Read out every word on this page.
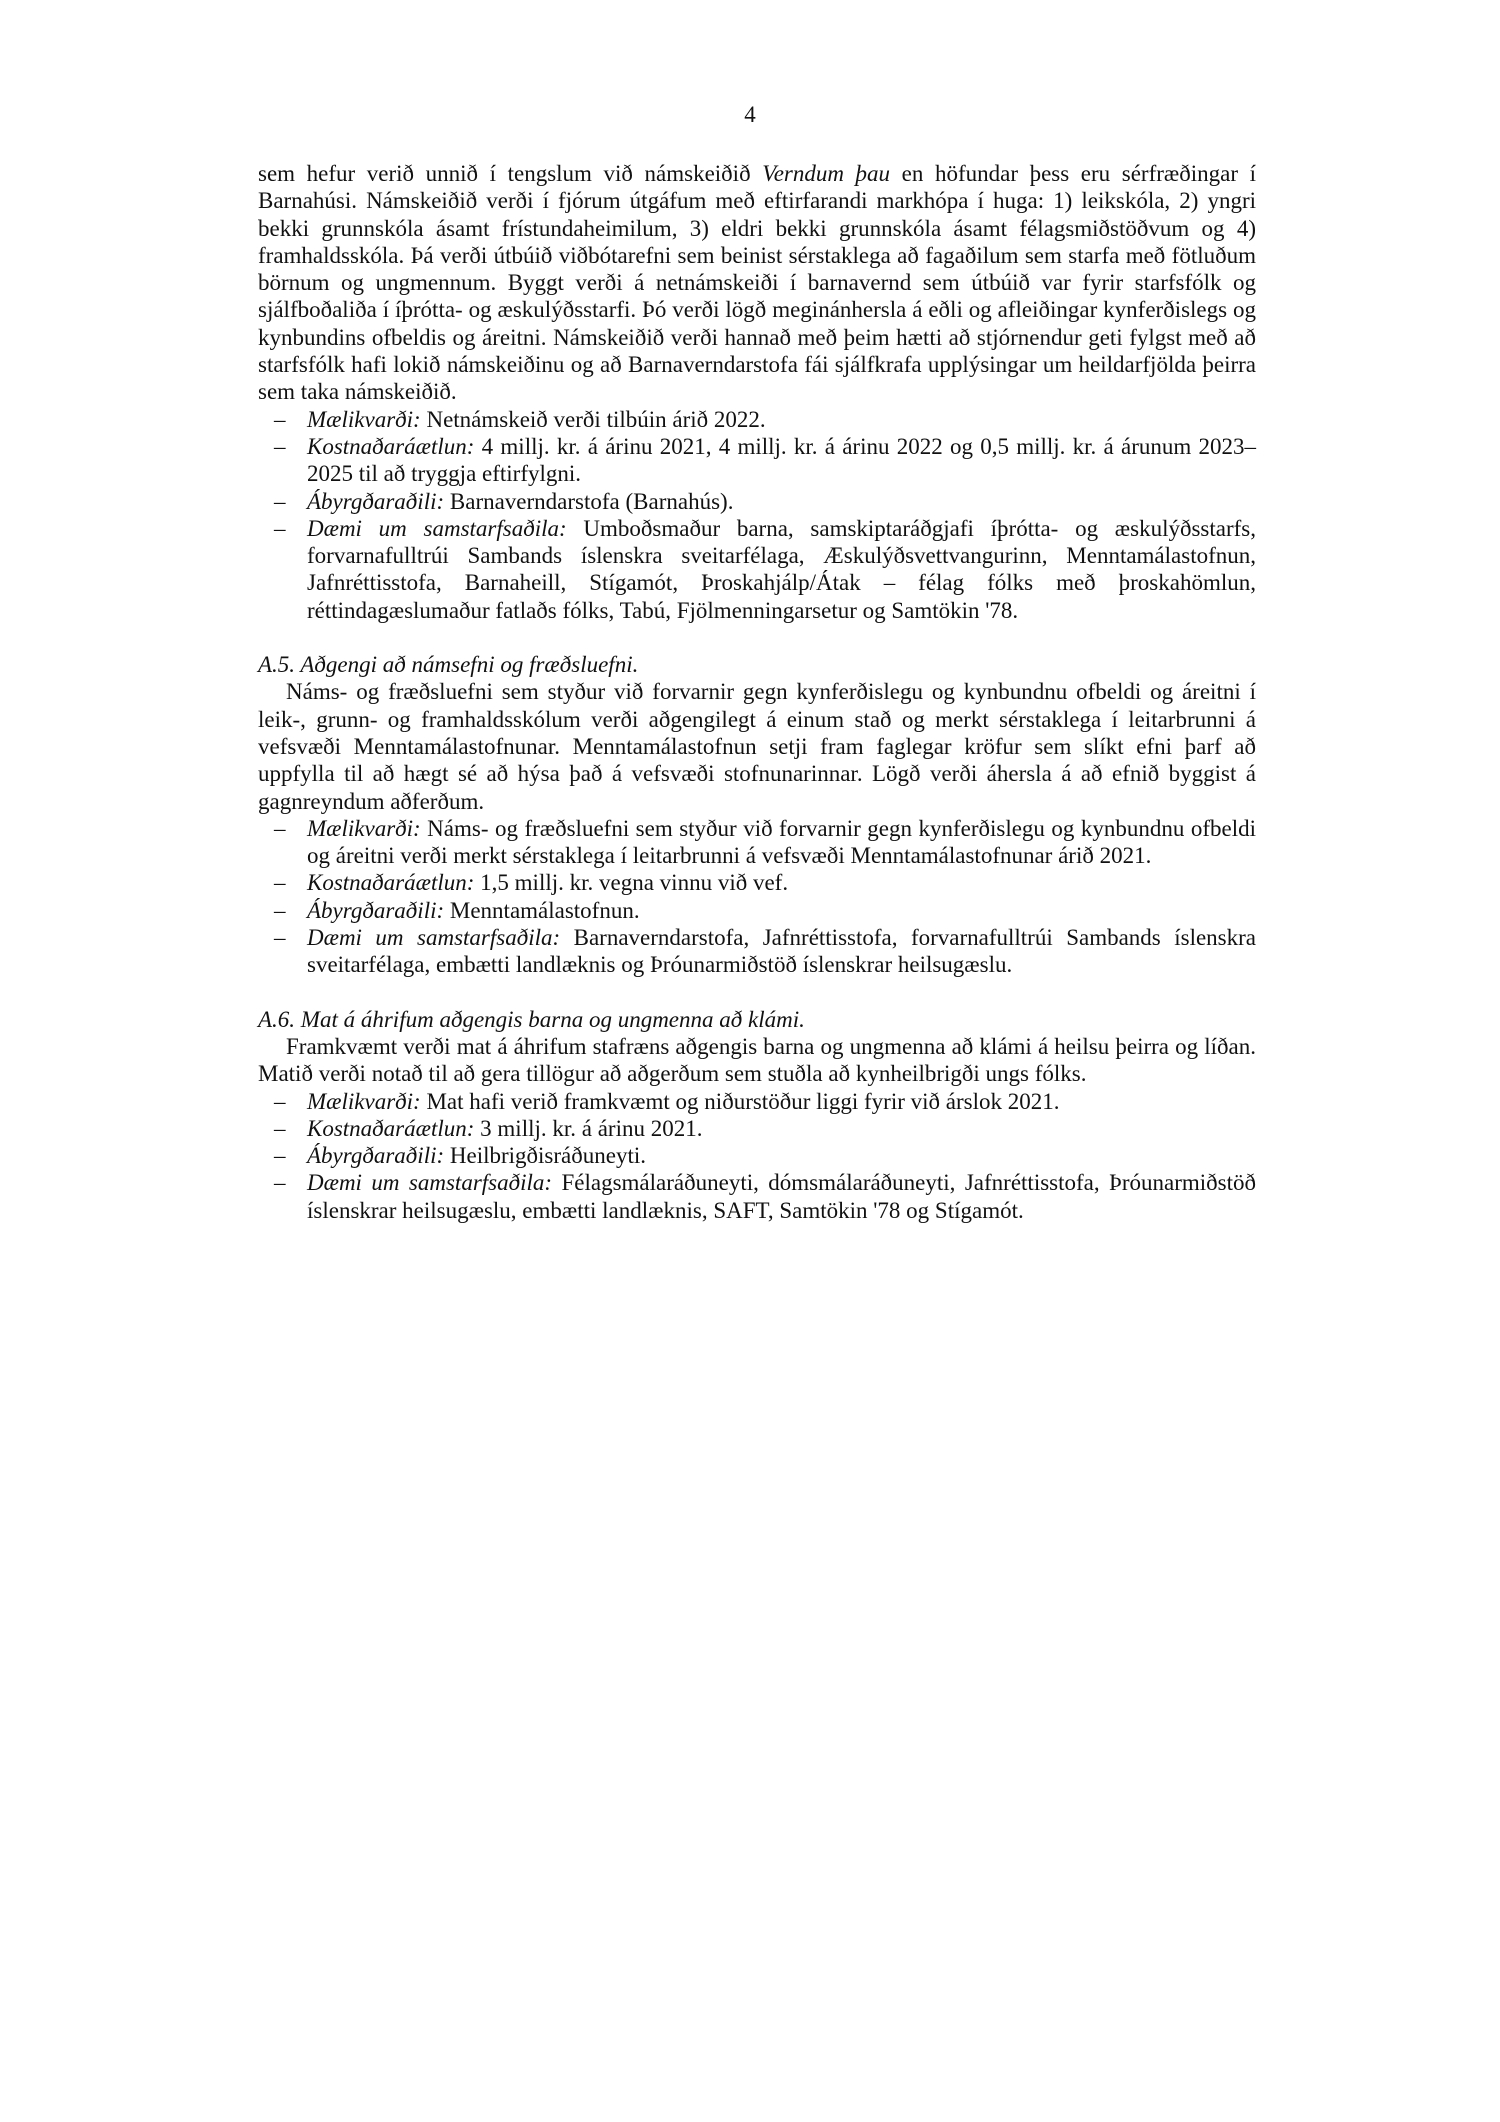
4

sem hefur verið unnið í tengslum við námskeiðið Verndum þau en höfundar þess eru sérfræðingar í Barnahúsi. Námskeiðið verði í fjórum útgáfum með eftirfarandi markhópa í huga: 1) leikskóla, 2) yngri bekki grunnskóla ásamt frístundaheimilum, 3) eldri bekki grunnskóla ásamt félagsmiðstöðvum og 4) framhaldsskóla. Þá verði útbúið viðbótarefni sem beinist sérstaklega að fagaðilum sem starfa með fötluðum börnum og ungmennum. Byggt verði á netnámskeiði í barnavernd sem útbúið var fyrir starfsfólk og sjálfboðaliða í íþrótta- og æskulýðsstarfi. Þó verði lögð meginánhersla á eðli og afleiðingar kynferðislegs og kynbundins ofbeldis og áreitni. Námskeiðið verði hannað með þeim hætti að stjórnendur geti fylgst með að starfsfólk hafi lokið námskeiðinu og að Barnaverndarstofa fái sjálfkrafa upplýsingar um heildarfjölda þeirra sem taka námskeiðið.

– Mælikvarði: Netnámskeið verði tilbúin árið 2022.
– Kostnaðaráætlun: 4 millj. kr. á árinu 2021, 4 millj. kr. á árinu 2022 og 0,5 millj. kr. á árunum 2023–2025 til að tryggja eftirfylgni.
– Ábyrgðaraðili: Barnaverndarstofa (Barnahús).
– Dæmi um samstarfsaðila: Umboðsmaður barna, samskiptaráðgjafi íþrótta- og æskulýðsstarfs, forvarnafulltrúi Sambands íslenskra sveitarfélaga, Æskulýðsvettvangurinn, Menntamálastofnun, Jafnréttisstofa, Barnaheill, Stígamót, Þroskahjálp/Átak – félag fólks með þroskahömlun, réttindagæslumaður fatlaðs fólks, Tabú, Fjölmenningarsetur og Samtökin '78.

A.5. Aðgengi að námsefni og fræðsluefni.

Náms- og fræðsluefni sem styður við forvarnir gegn kynferðislegu og kynbundnu ofbeldi og áreitni í leik-, grunn- og framhaldsskólum verði aðgengilegt á einum stað og merkt sérstaklega í leitarbrunni á vefsvæði Menntamálastofnunar. Menntamálastofnun setji fram faglegar kröfur sem slíkt efni þarf að uppfylla til að hægt sé að hýsa það á vefsvæði stofnunarinnar. Lögð verði áhersla á að efnið byggist á gagnreyndum aðferðum.

– Mælikvarði: Náms- og fræðsluefni sem styður við forvarnir gegn kynferðislegu og kynbundnu ofbeldi og áreitni verði merkt sérstaklega í leitarbrunni á vefsvæði Menntamálastofnunar árið 2021.
– Kostnaðaráætlun: 1,5 millj. kr. vegna vinnu við vef.
– Ábyrgðaraðili: Menntamálastofnun.
– Dæmi um samstarfsaðila: Barnaverndarstofa, Jafnréttisstofa, forvarnafulltrúi Sambands íslenskra sveitarfélaga, embætti landlæknis og Þróunarmiðstöð íslenskrar heilsugæslu.

A.6. Mat á áhrifum aðgengis barna og ungmenna að klámi.

Framkvæmt verði mat á áhrifum stafræns aðgengis barna og ungmenna að klámi á heilsu þeirra og líðan. Matið verði notað til að gera tillögur að aðgerðum sem stuðla að kynheilbrigði ungs fólks.

– Mælikvarði: Mat hafi verið framkvæmt og niðurstöður liggi fyrir við árslok 2021.
– Kostnaðaráætlun: 3 millj. kr. á árinu 2021.
– Ábyrgðaraðili: Heilbrigðisráðuneyti.
– Dæmi um samstarfsaðila: Félagsmálaráðuneyti, dómsmálaráðuneyti, Jafnréttisstofa, Þróunarmiðstöð íslenskrar heilsugæslu, embætti landlæknis, SAFT, Samtökin '78 og Stígamót.
